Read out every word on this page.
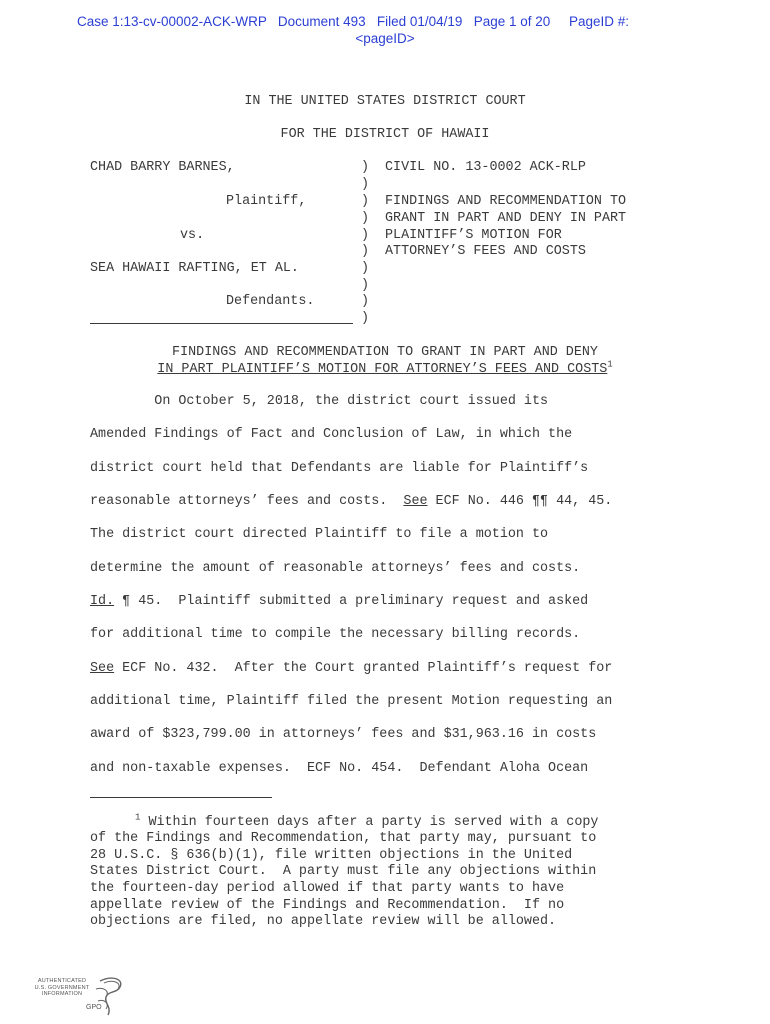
Case 1:13-cv-00002-ACK-WRP   Document 493   Filed 01/04/19   Page 1 of 20     PageID #:
<pageID>
IN THE UNITED STATES DISTRICT COURT
FOR THE DISTRICT OF HAWAII
CHAD BARRY BARNES,
Plaintiff,
vs.
SEA HAWAII RAFTING, ET AL.
Defendants.
)
)
)
)
)
)
)
)
)
)
CIVIL NO. 13-0002 ACK-RLP
FINDINGS AND RECOMMENDATION TO
GRANT IN PART AND DENY IN PART
PLAINTIFF’S MOTION FOR
ATTORNEY’S FEES AND COSTS
FINDINGS AND RECOMMENDATION TO GRANT IN PART AND DENY
IN PART PLAINTIFF’S MOTION FOR ATTORNEY’S FEES AND COSTS$^1$
On October 5, 2018, the district court issued its
Amended Findings of Fact and Conclusion of Law, in which the
district court held that Defendants are liable for Plaintiff’s
reasonable attorneys’ fees and costs.  See ECF No. 446 ¶¶ 44, 45.
The district court directed Plaintiff to file a motion to
determine the amount of reasonable attorneys’ fees and costs.
Id. ¶ 45.  Plaintiff submitted a preliminary request and asked
for additional time to compile the necessary billing records.
See ECF No. 432.  After the Court granted Plaintiff’s request for
additional time, Plaintiff filed the present Motion requesting an
award of $323,799.00 in attorneys’ fees and $31,963.16 in costs
and non-taxable expenses.  ECF No. 454.  Defendant Aloha Ocean
$^1$ Within fourteen days after a party is served with a copy
of the Findings and Recommendation, that party may, pursuant to
28 U.S.C. § 636(b)(1), file written objections in the United
States District Court.  A party must file any objections within
the fourteen-day period allowed if that party wants to have
appellate review of the Findings and Recommendation.  If no
objections are filed, no appellate review will be allowed.
AUTHENTICATED
U.S. GOVERNMENT
INFORMATION
GPO
